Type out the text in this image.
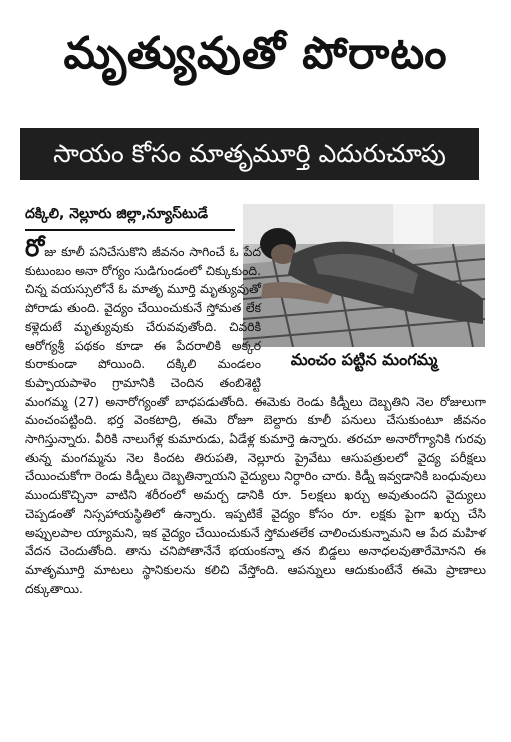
మృత్యువుతో పోరాటం
సాయం కోసం మాతృమూర్తి ఎదురుచూపు
దక్కిలి, నెల్లూరు జిల్లా,న్యూస్‌టుడే
మంచం పట్టిన మంగమ్మ
రోజు కూలీ పనిచేసుకొని జీవనం సాగించే ఓ పేద కుటుంబం అనా రోగ్యం సుడిగుండంలో చిక్కుకుంది. చిన్న వయస్సులోనే ఓ మాతృ మూర్తి మృత్యువుతో పోరాడు తుంది. వైద్యం చేయించుకునే స్తోమత లేక కళ్లెదుటే మృత్యువుకు చేరువవుతోంది. చివరికి ఆరోగ్యశ్రీ పథకం కూడా ఈ పేదరాలికి అక్కర కురాకుండా పోయింది. దక్కిలి మండలం కుప్పాయపాళెం గ్రామానికి చెందిన తంబిశెట్టి మంగమ్మ (27) అనారోగ్యంతో బాధపడుతోంది. ఈమెకు రెండు కిడ్నీలు దెబ్బతిని నెల రోజులుగా మంచంపట్టింది. భర్త వెంకటాద్రి, ఈమె రోజూ బెల్దారు కూలీ పనులు చేసుకుంటూ జీవనం సాగిస్తున్నారు. వీరికి నాలుగేళ్ల కుమారుడు, ఏడేళ్ల కుమార్తె ఉన్నారు. తరచూ అనారోగ్యానికి గురవు తున్న మంగమ్మను నెల కిందట తిరుపతి, నెల్లూరు ప్రైవేటు ఆసుపత్రులలో వైద్య పరీక్షలు చేయించుకోగా రెండు కిడ్నీలు దెబ్బతిన్నాయని వైద్యులు నిర్ధారిం చారు. కిడ్నీ ఇవ్వడానికి బంధువులు ముందుకొచ్చినా వాటిని శరీరంలో అమర్చ డానికి రూ. 5లక్షలు ఖర్చు అవుతుందని వైద్యులు చెప్పడంతో నిస్సహాయస్థితిలో ఉన్నారు. ఇప్పటికే వైద్యం కోసం రూ. లక్షకు పైగా ఖర్చు చేసి అప్పులపాల య్యామని, ఇక వైద్యం చేయించుకునే స్తోమతలేక చాలించుకున్నామని ఆ పేద మహిళ వేదన చెందుతోంది. తాను చనిపోతానేనే భయంకన్నా తన బిడ్డలు అనాధలవుతారేమోనని ఈ మాతృమూర్తి మాటలు స్థానికులను కలిచి వేస్తోంది. ఆపన్నులు ఆదుకుంటేనే ఈమె ప్రాణాలు దక్కుతాయి.
